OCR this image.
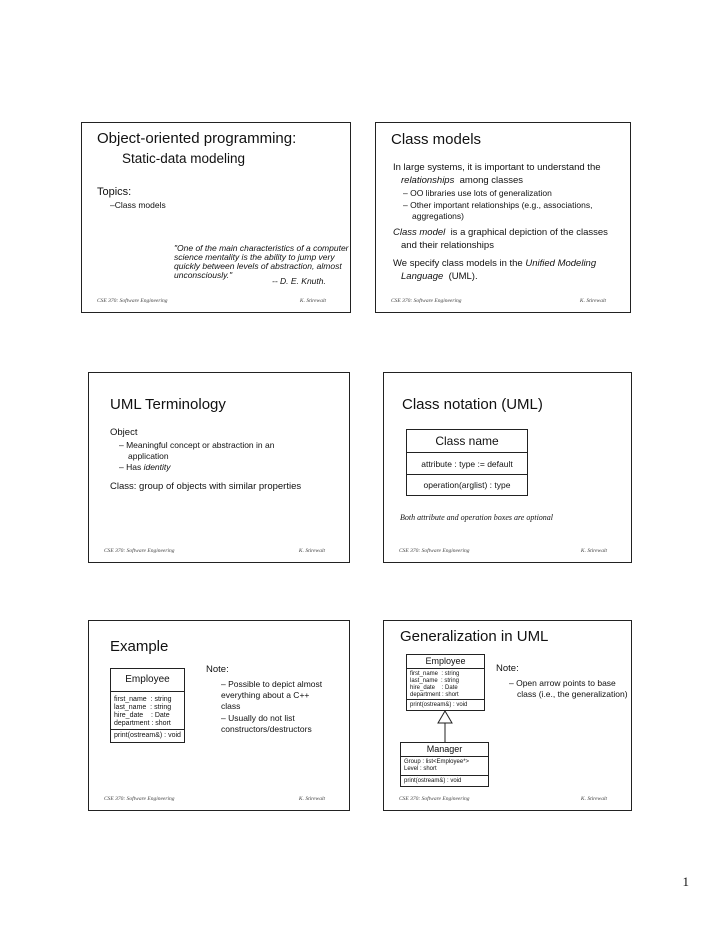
Object-oriented programming:
Static-data modeling
Topics:
–Class models
"One of the main characteristics of a computer
science mentality is the ability to jump very
quickly between levels of abstraction, almost
unconsciously."
-- D. E. Knuth.
CSE 370: Software Engineering	K. Stirewalt
Class models
In large systems, it is important to understand the
relationships among classes
– OO libraries use lots of generalization
– Other important relationships (e.g., associations,
aggregations)
Class model is a graphical depiction of the classes
and their relationships
We specify class models in the Unified Modeling
Language (UML).
CSE 370: Software Engineering	K. Stirewalt
UML Terminology
Object
– Meaningful concept or abstraction in an
application
– Has identity
Class: group of objects with similar properties
CSE 370: Software Engineering	K. Stirewalt
Class notation (UML)
Class name
attribute : type := default
operation(arglist) : type
Both attribute and operation boxes are optional
CSE 370: Software Engineering	K. Stirewalt
Example
Employee
first_name  : string
last_name  : string
hire_date    : Date
department : short
print(ostream&) : void
Note:
– Possible to depict almost
everything about a C++
class
– Usually do not list
constructors/destructors
CSE 370: Software Engineering	K. Stirewalt
Generalization in UML
Employee
first_name  : string
last_name  : string
hire_date    : Date
department : short
print(ostream&) : void
Manager
Group : list<Employee*>
Level : short
print(ostream&) : void
Note:
– Open arrow points to base
class (i.e., the generalization)
CSE 370: Software Engineering	K. Stirewalt
1
